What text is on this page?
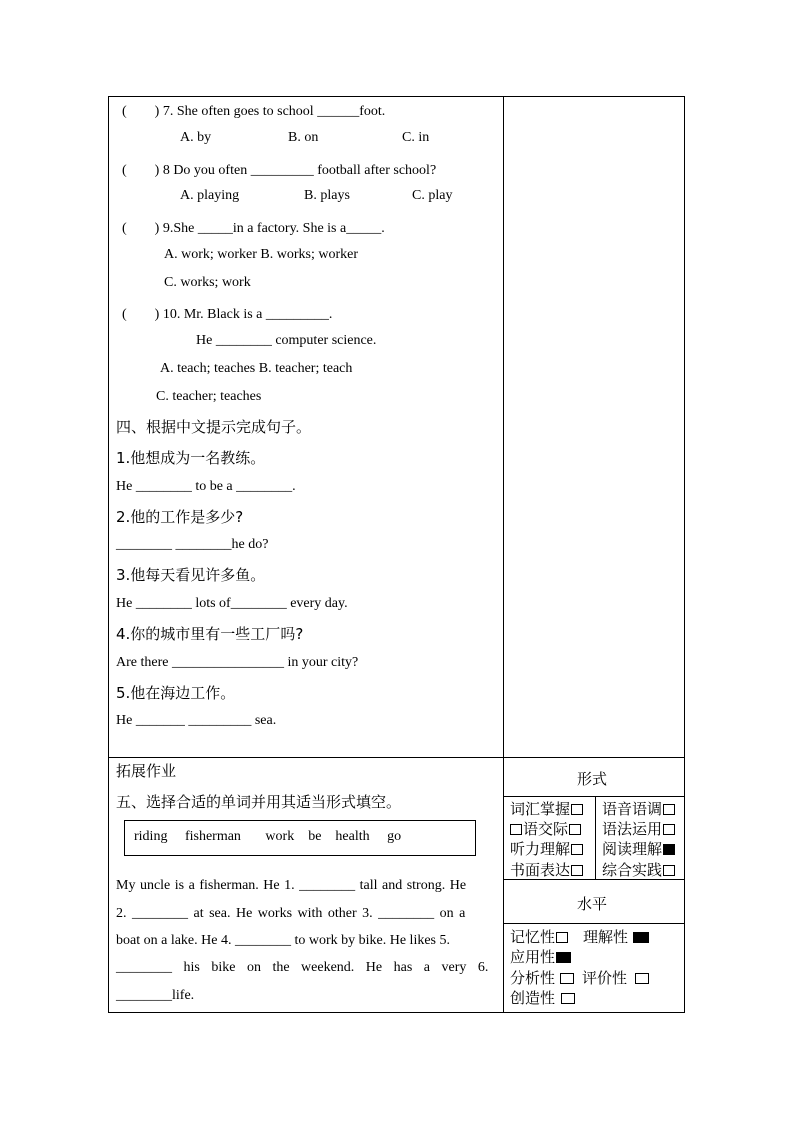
(　　) 7. She often goes to school ______foot.
A. by	B. on	C. in
(　　) 8 Do you often _________ football after school?
A. playing	B. plays	C. play
(　　) 9.She _____in a factory. She is a_____.
A. work; worker B. works; worker
C. works; work
(　　) 10. Mr. Black is a _________.
He ________ computer science.
A. teach; teaches B. teacher; teach
C. teacher; teaches
四、根据中文提示完成句子。
1.他想成为一名教练。
He ________ to be a ________.
2.他的工作是多少?
________ ________he do?
3.他每天看见许多鱼。
He ________ lots of________ every day.
4.你的城市里有一些工厂吗?
Are there ________________ in your city?
5.他在海边工作。
He _______ _________ sea.
拓展作业
五、选择合适的单词并用其适当形式填空。
riding     fisherman       work    be    health     go
My uncle is a fisherman. He 1. ________ tall and strong. He
2. ________ at sea. He works with other 3. ________ on a
boat on a lake. He 4. ________ to work by bike. He likes 5.
________ his bike on the weekend. He has a very 6.
________life.
形式
词汇掌握	语音语调
语交际	语法运用
听力理解	阅读理解
书面表达	综合实践
水平
记忆性	理解性
应用性
分析性	评价性
创造性
